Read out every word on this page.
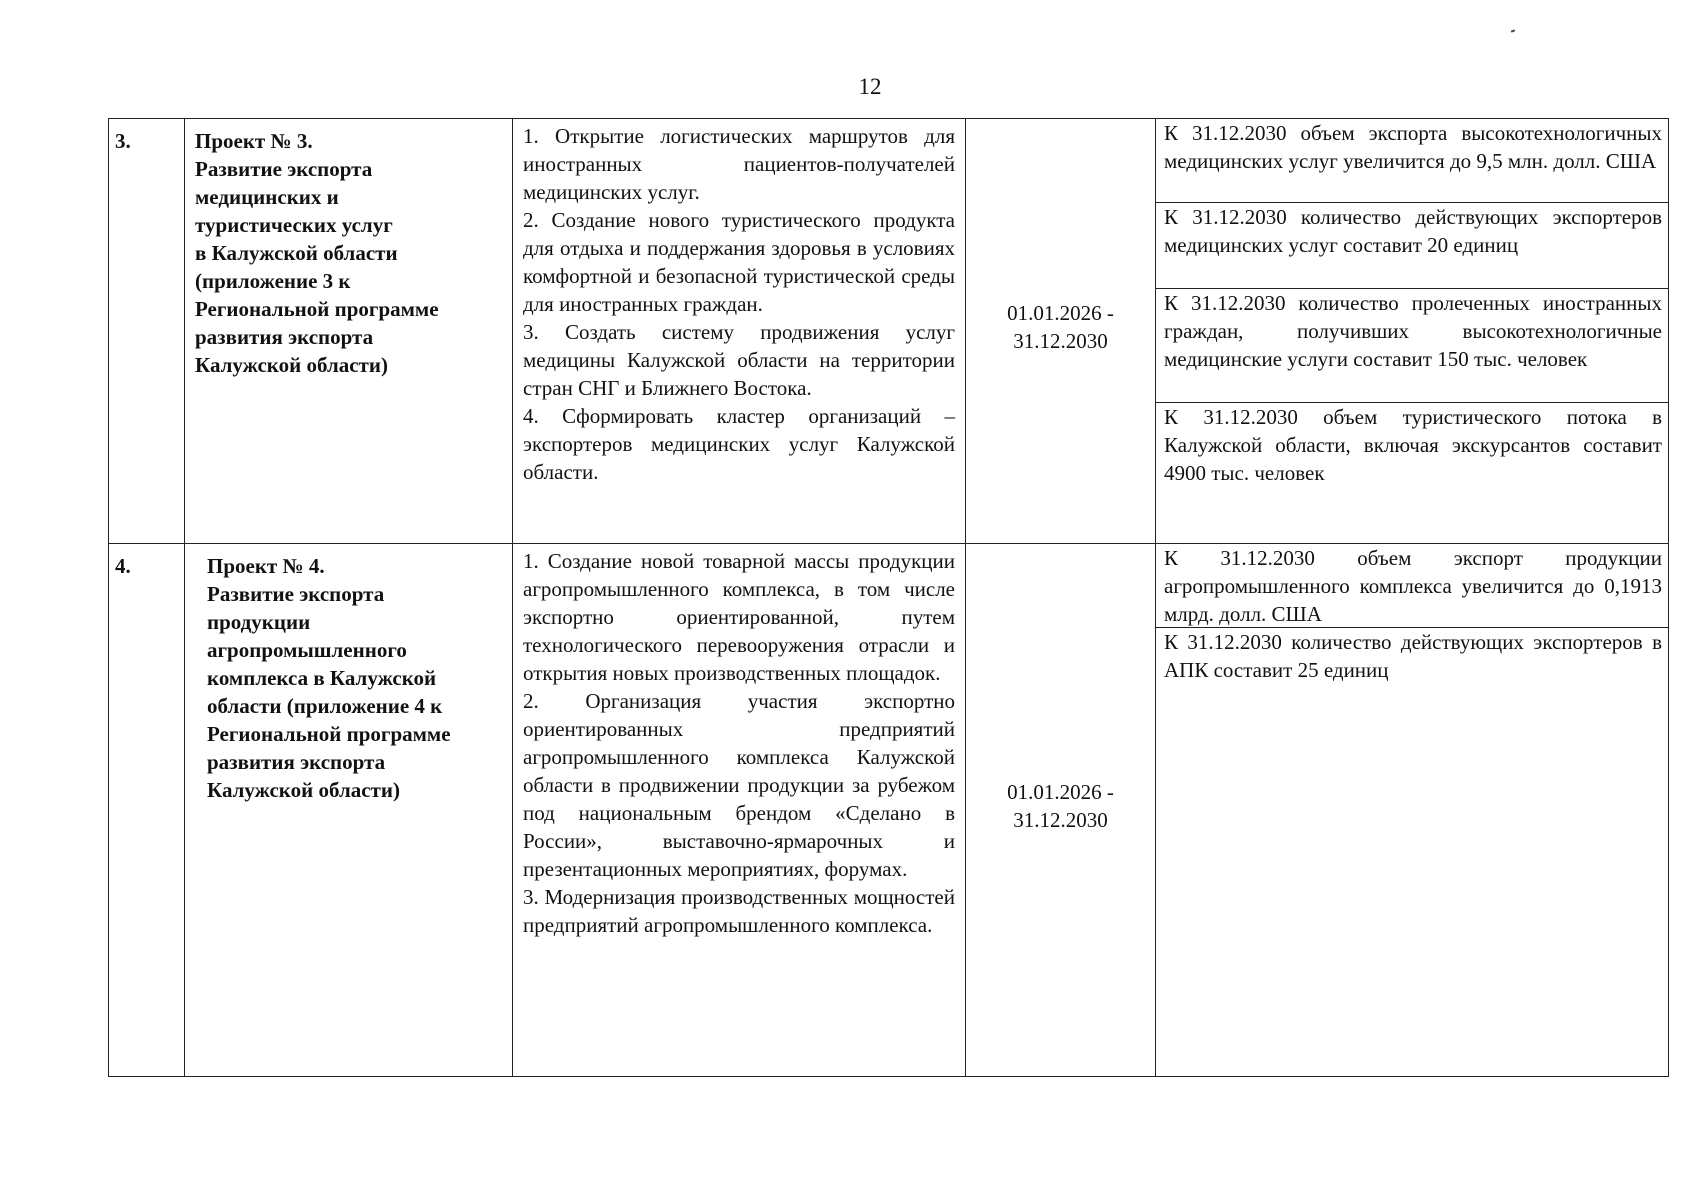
12
3.	Проект № 3.
Развитие экспорта
медицинских и
туристических услуг
в Калужской области
(приложение 3 к
Региональной программе
развития экспорта
Калужской области)

1. Открытие логистических маршрутов для иностранных пациентов-получателей медицинских услуг.

2. Создание нового туристического продукта для отдыха и поддержания здоровья в условиях комфортной и безопасной туристической среды для иностранных граждан.

3. Создать систему продвижения услуг медицины Калужской области на территории стран СНГ и Ближнего Востока.

4. Сформировать кластер организаций – экспортеров медицинских услуг Калужской области.

01.01.2026 -
31.12.2030
К 31.12.2030 объем экспорта высокотехнологичных медицинских услуг увеличится до 9,5 млн. долл. США
К 31.12.2030 количество действующих экспортеров медицинских услуг составит 20 единиц
К 31.12.2030 количество пролеченных иностранных граждан, получивших высокотехнологичные медицинские услуги составит 150 тыс. человек
К 31.12.2030 объем туристического потока в Калужской области, включая экскурсантов составит 4900 тыс. человек
4.	Проект № 4.
Развитие экспорта
продукции
агропромышленного
комплекса в Калужской
области (приложение 4 к
Региональной программе
развития экспорта
Калужской области)

1. Создание новой товарной массы продукции агропромышленного комплекса, в том числе экспортно ориентированной, путем технологического перевооружения отрасли и открытия новых производственных площадок.

2. Организация участия экспортно ориентированных предприятий агропромышленного комплекса Калужской области в продвижении продукции за рубежом под национальным брендом «Сделано в России», выставочно-ярмарочных и презентационных мероприятиях, форумах.

3. Модернизация производственных мощностей предприятий агропромышленного комплекса.

01.01.2026 -
31.12.2030
К 31.12.2030 объем экспорт продукции агропромышленного комплекса увеличится до 0,1913 млрд. долл. США
К 31.12.2030 количество действующих экспортеров в АПК составит 25 единиц
